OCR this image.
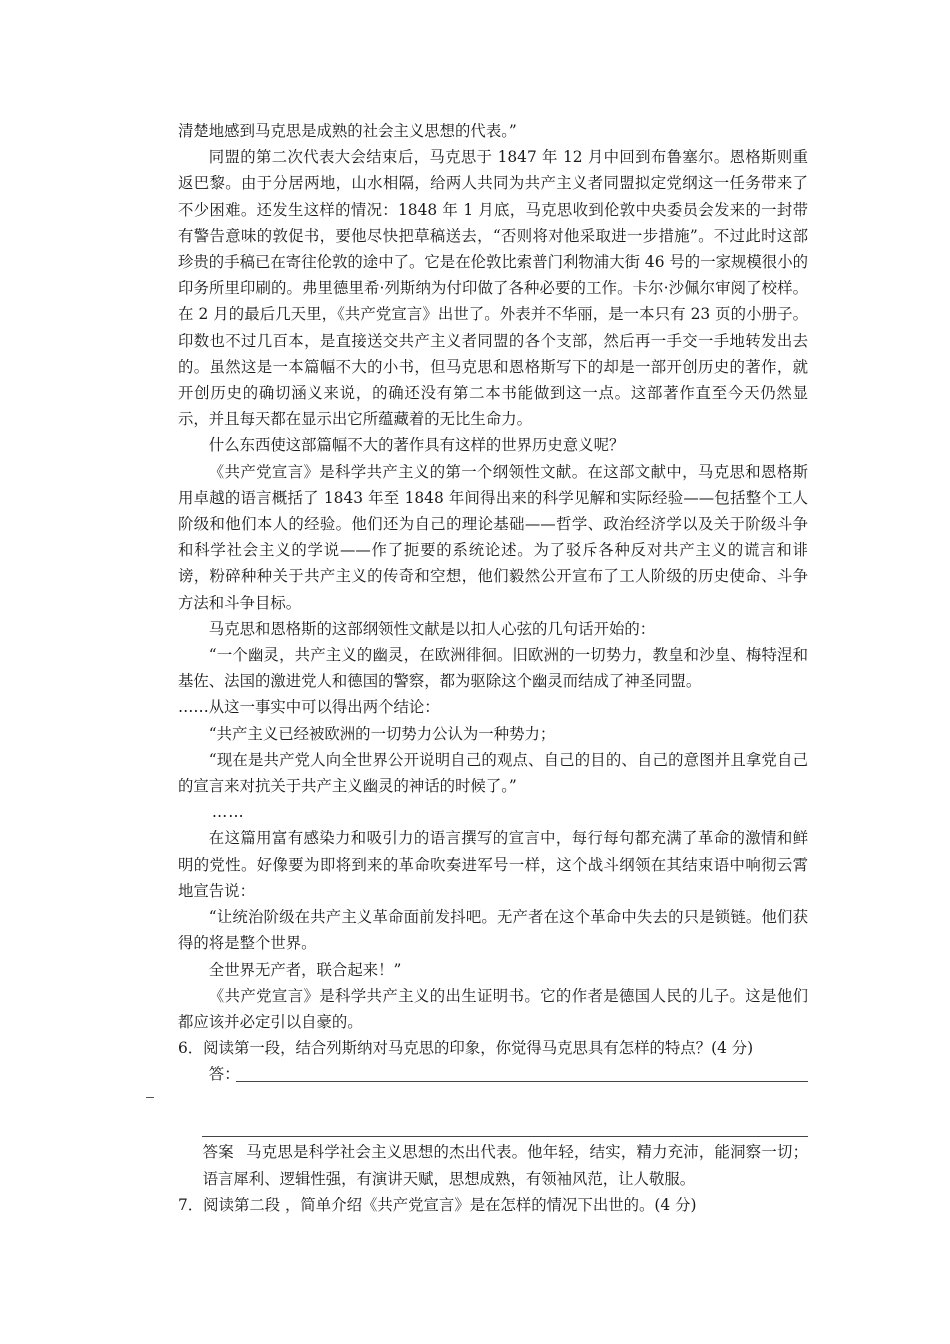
清楚地感到马克思是成熟的社会主义思想的代表。”

同盟的第二次代表大会结束后，马克思于 1847 年 12 月中回到布鲁塞尔。恩格斯则重返巴黎。由于分居两地，山水相隔，给两人共同为共产主义者同盟拟定党纲这一任务带来了不少困难。还发生这样的情况：1848 年 1 月底，马克思收到伦敦中央委员会发来的一封带有警告意味的敦促书，要他尽快把草稿送去，“否则将对他采取进一步措施”。不过此时这部珍贵的手稿已在寄往伦敦的途中了。它是在伦敦比索普门利物浦大街 46 号的一家规模很小的印务所里印刷的。弗里德里希·列斯纳为付印做了各种必要的工作。卡尔·沙佩尔审阅了校样。在 2 月的最后几天里，《共产党宣言》出世了。外表并不华丽，是一本只有 23 页的小册子。印数也不过几百本，是直接送交共产主义者同盟的各个支部，然后再一手交一手地转发出去的。虽然这是一本篇幅不大的小书，但马克思和恩格斯写下的却是一部开创历史的著作，就开创历史的确切涵义来说，的确还没有第二本书能做到这一点。这部著作直至今天仍然显示，并且每天都在显示出它所蕴藏着的无比生命力。

什么东西使这部篇幅不大的著作具有这样的世界历史意义呢？

《共产党宣言》是科学共产主义的第一个纲领性文献。在这部文献中，马克思和恩格斯用卓越的语言概括了 1843 年至 1848 年间得出来的科学见解和实际经验——包括整个工人阶级和他们本人的经验。他们还为自己的理论基础——哲学、政治经济学以及关于阶级斗争和科学社会主义的学说——作了扼要的系统论述。为了驳斥各种反对共产主义的谎言和诽谤，粉碎种种关于共产主义的传奇和空想，他们毅然公开宣布了工人阶级的历史使命、斗争方法和斗争目标。

马克思和恩格斯的这部纲领性文献是以扣人心弦的几句话开始的：

“一个幽灵，共产主义的幽灵，在欧洲徘徊。旧欧洲的一切势力，教皇和沙皇、梅特涅和基佐、法国的激进党人和德国的警察，都为驱除这个幽灵而结成了神圣同盟。

……从这一事实中可以得出两个结论：

“共产主义已经被欧洲的一切势力公认为一种势力；

“现在是共产党人向全世界公开说明自己的观点、自己的目的、自己的意图并且拿党自己的宣言来对抗关于共产主义幽灵的神话的时候了。”

……

在这篇用富有感染力和吸引力的语言撰写的宣言中，每行每句都充满了革命的激情和鲜明的党性。好像要为即将到来的革命吹奏进军号一样，这个战斗纲领在其结束语中响彻云霄地宣告说：

“让统治阶级在共产主义革命面前发抖吧。无产者在这个革命中失去的只是锁链。他们获得的将是整个世界。

全世界无产者，联合起来！”

《共产党宣言》是科学共产主义的出生证明书。它的作者是德国人民的儿子。这是他们都应该并必定引以自豪的。

6．阅读第一段，结合列斯纳对马克思的印象，你觉得马克思具有怎样的特点？(4 分)

答：

答案 马克思是科学社会主义思想的杰出代表。他年轻，结实，精力充沛，能洞察一切；语言犀利、逻辑性强，有演讲天赋，思想成熟，有领袖风范，让人敬服。

7．阅读第二段 ，简单介绍《共产党宣言》是在怎样的情况下出世的。(4 分)
